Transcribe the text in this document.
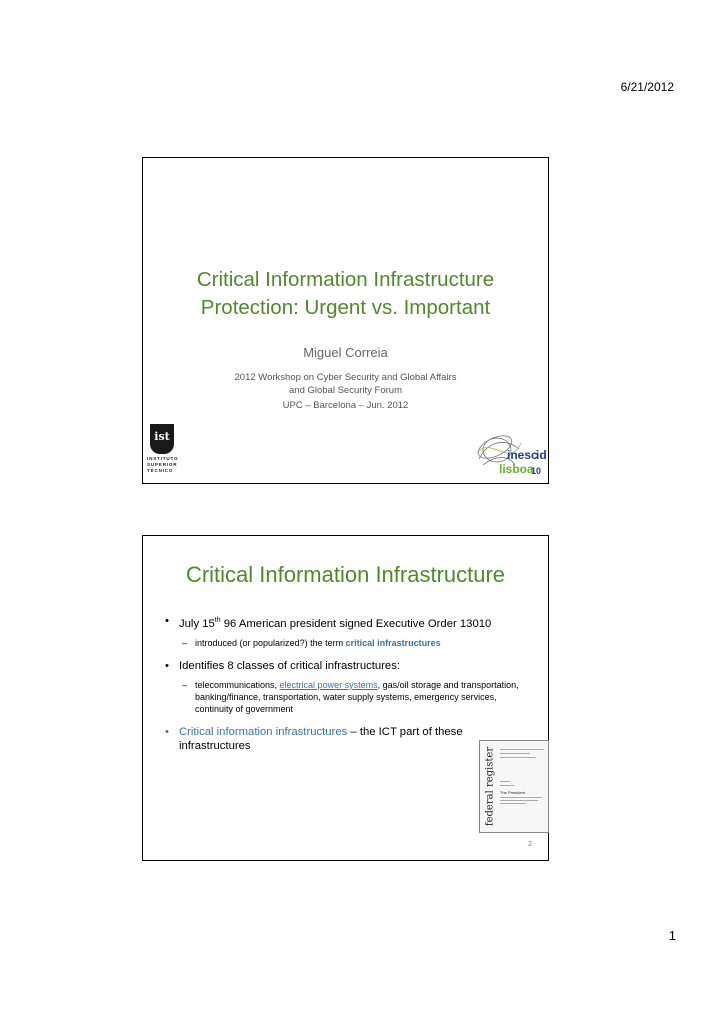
6/21/2012
Critical Information Infrastructure
Protection: Urgent vs. Important
Miguel Correia
2012 Workshop on Cyber Security and Global Affairs
and Global Security Forum
UPC – Barcelona – Jun. 2012
ist
INSTITUTO
SUPERIOR
TÉCNICO
inesc
id
lisboa
10
Critical Information Infrastructure
• July 15th 96 American president signed Executive Order 13010
– introduced (or popularized?) the term critical infrastructures
• Identifies 8 classes of critical infrastructures:
– telecommunications, electrical power systems, gas/oil storage and transportation, banking/finance, transportation, water supply systems, emergency services, continuity of government
• Critical information infrastructures – the ICT part of these infrastructures
federal register The President
2
1
